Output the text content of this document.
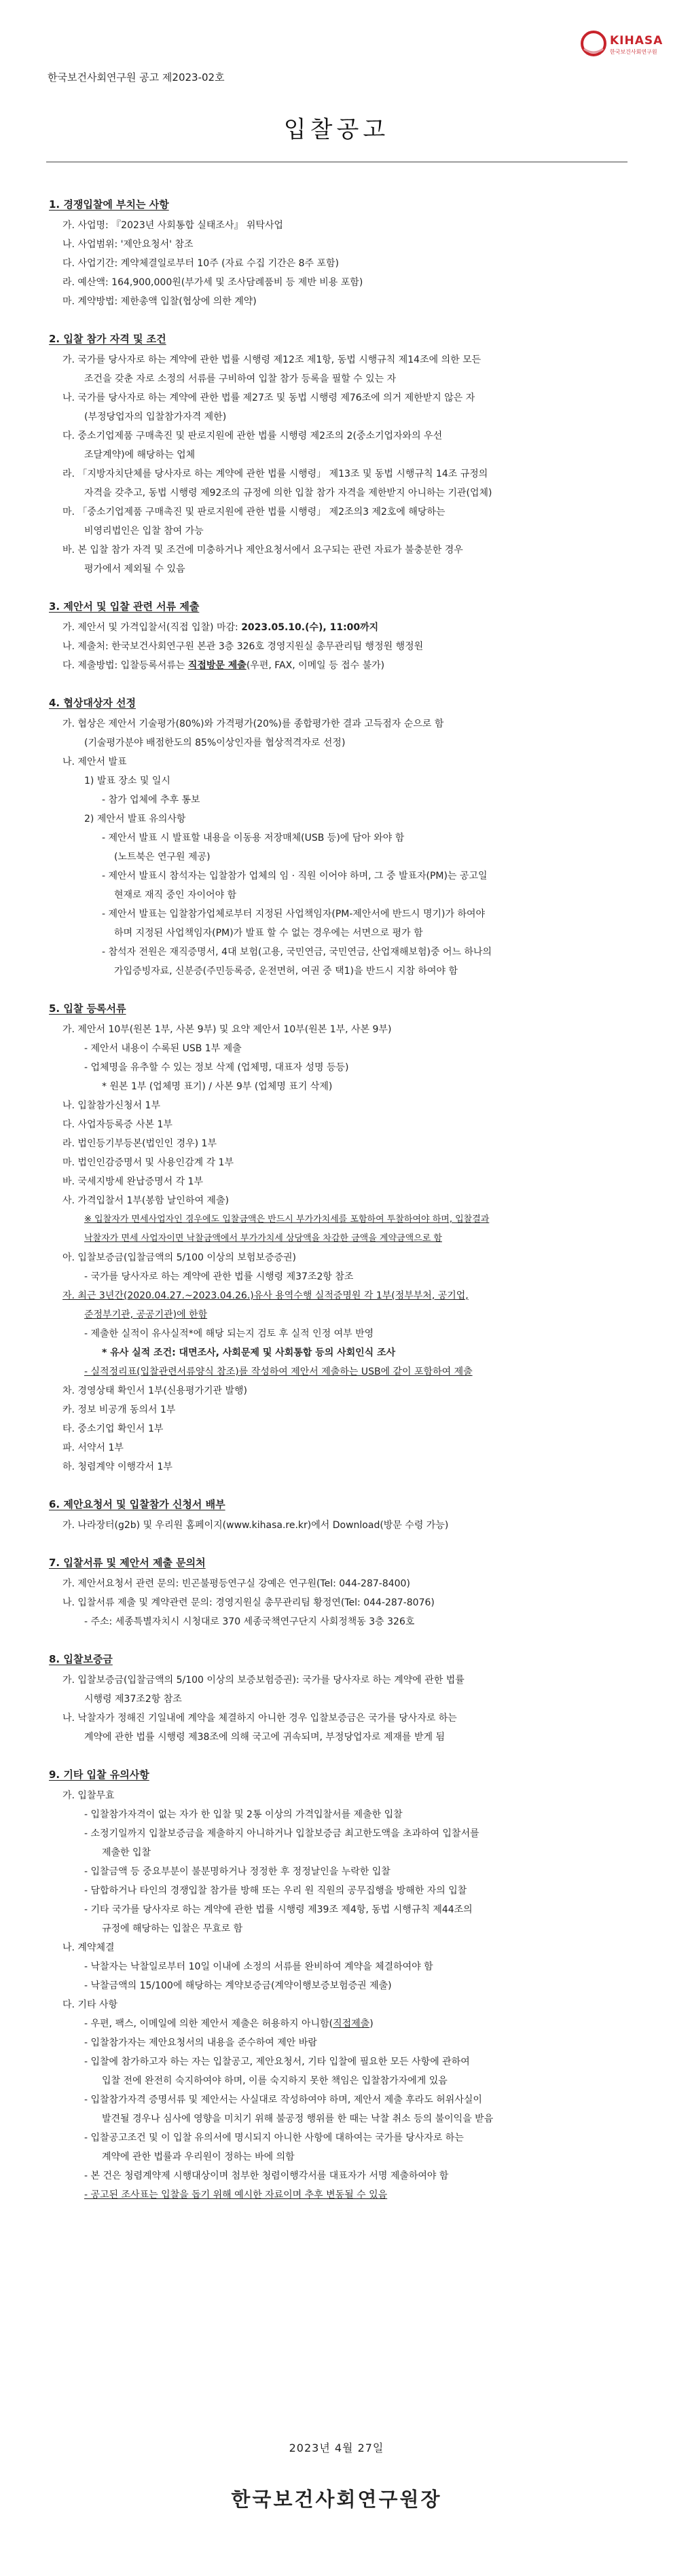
KIHASA
한국보건사회연구원
한국보건사회연구원 공고 제2023-02호
입찰공고
1. 경쟁입찰에 부치는 사항
가. 사업명: 『2023년 사회통합 실태조사』 위탁사업
나. 사업범위: '제안요청서' 참조
다. 사업기간: 계약체결일로부터 10주 (자료 수집 기간은 8주 포함)
라. 예산액: 164,900,000원(부가세 및 조사담례품비 등 제반 비용 포함)
마. 계약방법: 제한총액 입찰(협상에 의한 계약)
2. 입찰 참가 자격 및 조건
가. 국가를 당사자로 하는 계약에 관한 법률 시행령 제12조 제1항, 동법 시행규칙 제14조에 의한 모든
조건을 갖춘 자로 소정의 서류를 구비하여 입찰 참가 등록을 필할 수 있는 자
나. 국가를 당사자로 하는 계약에 관한 법률 제27조 및 동법 시행령 제76조에 의거 제한받지 않은 자
(부정당업자의 입찰참가자격 제한)
다. 중소기업제품 구매촉진 및 판로지원에 관한 법률 시행령 제2조의 2(중소기업자와의 우선
조달계약)에 해당하는 업체
라. 「지방자치단체를 당사자로 하는 계약에 관한 법률 시행령」 제13조 및 동법 시행규칙 14조 규정의
자격을 갖추고, 동법 시행령 제92조의 규정에 의한 입찰 참가 자격을 제한받지 아니하는 기관(업체)
마. 「중소기업제품 구매촉진 및 판로지원에 관한 법률 시행령」 제2조의3 제2호에 해당하는
비영리법인은 입찰 참여 가능
바. 본 입찰 참가 자격 및 조건에 미충하거나 제안요청서에서 요구되는 관련 자료가 불충분한 경우
평가에서 제외될 수 있음
3. 제안서 및 입찰 관련 서류 제출
가. 제안서 및 가격입찰서(직접 입찰) 마감: 2023.05.10.(수), 11:00까지
나. 제출처: 한국보건사회연구원 본관 3층 326호 경영지원실 총무관리팀 행정원 행정원
다. 제출방법: 입찰등록서류는 직접방문 제출(우편, FAX, 이메일 등 접수 불가)
4. 협상대상자 선정
가. 협상은 제안서 기술평가(80%)와 가격평가(20%)를 종합평가한 결과 고득점자 순으로 함
(기술평가분야 배점한도의 85%이상인자를 협상적격자로 선정)
나. 제안서 발표
1) 발표 장소 및 일시
- 참가 업체에 추후 통보
2) 제안서 발표 유의사항
- 제안서 발표 시 발표할 내용을 이동용 저장매체(USB 등)에 담아 와야 함
(노트북은 연구원 제공)
- 제안서 발표시 참석자는 입찰참가 업체의 임 · 직원 이어야 하며, 그 중 발표자(PM)는 공고일
현재로 재직 중인 자이어야 함
- 제안서 발표는 입찰참가업체로부터 지정된 사업책임자(PM-제안서에 반드시 명기)가 하여야
하며 지정된 사업책임자(PM)가 발표 할 수 없는 경우에는 서면으로 평가 함
- 참석자 전원은 재직증명서, 4대 보험(고용, 국민연금, 국민연금, 산업재해보험)중 어느 하나의
가입증빙자료, 신분증(주민등록증, 운전면허, 여권 중 택1)을 반드시 지참 하여야 함
5. 입찰 등록서류
가. 제안서 10부(원본 1부, 사본 9부) 및 요약 제안서 10부(원본 1부, 사본 9부)
- 제안서 내용이 수록된 USB 1부 제출
- 업체명을 유추할 수 있는 정보 삭제 (업체명, 대표자 성명 등등)
* 원본 1부 (업체명 표기) / 사본 9부 (업체명 표기 삭제)
나. 입찰참가신청서 1부
다. 사업자등록증 사본 1부
라. 법인등기부등본(법인인 경우) 1부
마. 법인인감증명서 및 사용인감계 각 1부
바. 국세지방세 완납증명서 각 1부
사. 가격입찰서 1부(봉함 날인하여 제출)
※ 입찰자가 면세사업자인 경우에도 입찰금액은 반드시 부가가치세를 포함하여 투찰하여야 하며, 입찰결과
낙찰자가 면세 사업자이면 낙찰금액에서 부가가치세 상당액을 차감한 금액을 계약금액으로 함
아. 입찰보증금(입찰금액의 5/100 이상의 보험보증증권)
- 국가를 당사자로 하는 계약에 관한 법률 시행령 제37조2항 참조
자. 최근 3년간(2020.04.27.~2023.04.26.)유사 용역수행 실적증명원 각 1부(정부부처, 공기업,
준정부기관, 공공기관)에 한함
- 제출한 실적이 유사실적*에 해당 되는지 검토 후 실적 인정 여부 반영
* 유사 실적 조건: 대면조사, 사회문제 및 사회통합 등의 사회인식 조사
- 실적정리표(입찰관련서류양식 참조)를 작성하여 제안서 제출하는 USB에 같이 포함하여 제출
차. 경영상태 확인서 1부(신용평가기관 발행)
카. 정보 비공개 동의서 1부
타. 중소기업 확인서 1부
파. 서약서 1부
하. 청렴계약 이행각서 1부
6. 제안요청서 및 입찰참가 신청서 배부
가. 나라장터(g2b) 및 우리원 홈페이지(www.kihasa.re.kr)에서 Download(방문 수령 가능)
7. 입찰서류 및 제안서 제출 문의처
가. 제안서요청서 관련 문의: 빈곤불평등연구실 강예은 연구원(Tel: 044-287-8400)
나. 입찰서류 제출 및 계약관련 문의: 경영지원실 총무관리팀 황정연(Tel: 044-287-8076)
- 주소: 세종특별자치시 시청대로 370 세종국책연구단지 사회정책동 3층 326호
8. 입찰보증금
가. 입찰보증금(입찰금액의 5/100 이상의 보증보험증권): 국가를 당사자로 하는 계약에 관한 법률
시행령 제37조2항 참조
나. 낙찰자가 정해진 기일내에 계약을 체결하지 아니한 경우 입찰보증금은 국가를 당사자로 하는
계약에 관한 법률 시행령 제38조에 의해 국고에 귀속되며, 부정당업자로 제재를 받게 됨
9. 기타 입찰 유의사항
가. 입찰무효
- 입찰참가자격이 없는 자가 한 입찰 및 2통 이상의 가격입찰서를 제출한 입찰
- 소정기일까지 입찰보증금을 제출하지 아니하거나 입찰보증금 최고한도액을 초과하여 입찰서를
제출한 입찰
- 입찰금액 등 중요부분이 불분명하거나 정정한 후 정정날인을 누락한 입찰
- 담합하거나 타인의 경쟁입찰 참가를 방해 또는 우리 원 직원의 공무집행을 방해한 자의 입찰
- 기타 국가를 당사자로 하는 계약에 관한 법률 시행령 제39조 제4항, 동법 시행규칙 제44조의
규정에 해당하는 입찰은 무효로 함
나. 계약체결
- 낙찰자는 낙찰일로부터 10일 이내에 소정의 서류를 완비하여 계약을 체결하여야 함
- 낙찰금액의 15/100에 해당하는 계약보증금(계약이행보증보험증권 제출)
다. 기타 사항
- 우편, 팩스, 이메일에 의한 제안서 제출은 허용하지 아니함(직접제출)
- 입찰참가자는 제안요청서의 내용을 준수하여 제안 바람
- 입찰에 참가하고자 하는 자는 입찰공고, 제안요청서, 기타 입찰에 필요한 모든 사항에 관하여
입찰 전에 완전히 숙지하여야 하며, 이를 숙지하지 못한 책임은 입찰참가자에게 있음
- 입찰참가자격 증명서류 및 제안서는 사실대로 작성하여야 하며, 제안서 제출 후라도 허위사실이
발견될 경우나 심사에 영향을 미치기 위해 불공정 행위를 한 때는 낙찰 취소 등의 불이익을 받음
- 입찰공고조건 및 이 입찰 유의서에 명시되지 아니한 사항에 대하여는 국가를 당사자로 하는
계약에 관한 법률과 우리원이 정하는 바에 의함
- 본 건은 청렴계약제 시행대상이며 첨부한 청렴이행각서를 대표자가 서명 제출하여야 함
- 공고된 조사표는 입찰을 돕기 위해 예시한 자료이며 추후 변동될 수 있음
2023년 4월 27일
한국보건사회연구원장
